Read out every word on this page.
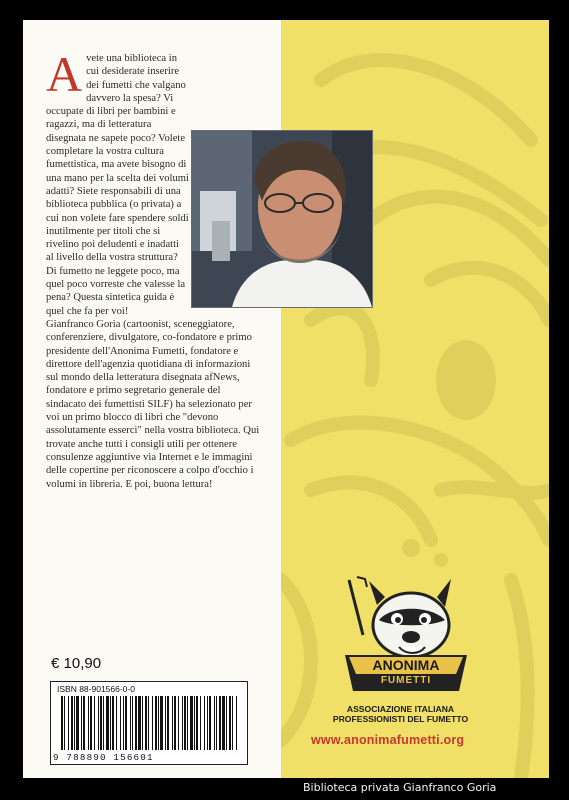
A vete una biblioteca in cui desiderate inserire dei fumetti che valgano davvero la spesa? Vi occupate di libri per bambini e ragazzi, ma di letteratura disegnata ne sapete poco? Volete completare la vostra cultura fumettistica, ma avete bisogno di una mano per la scelta dei volumi adatti? Siete responsabili di una biblioteca pubblica (o privata) a cui non volete fare spendere soldi inutilmente per titoli che si rivelino poi deludenti e inadatti al livello della vostra struttura? Di fumetto ne leggete poco, ma quel poco vorreste che valesse la pena? Questa sintetica guida è quel che fa per voi!

Gianfranco Goria (cartoonist, sceneggiatore, conferenziere, divulgatore, co-fondatore e primo presidente dell'Anonima Fumetti, fondatore e direttore dell'agenzia quotidiana di informazioni sul mondo della letteratura disegnata afNews, fondatore e primo segretario generale del sindacato dei fumettisti SILF) ha selezionato per voi un primo blocco di libri che "devono assolutamente esserci" nella vostra biblioteca. Qui trovate anche tutti i consigli utili per ottenere consulenze aggiuntive via Internet e le immagini delle copertine per riconoscere a colpo d'occhio i volumi in libreria. E poi, buona lettura!

€ 10,90
ISBN 88-901566-0-0
9 788890 156601
ANONIMA
FUMETTI
ASSOCIAZIONE ITALIANA PROFESSIONISTI DEL FUMETTO
www.anonimafumetti.org
Biblioteca privata Gianfranco Goria
